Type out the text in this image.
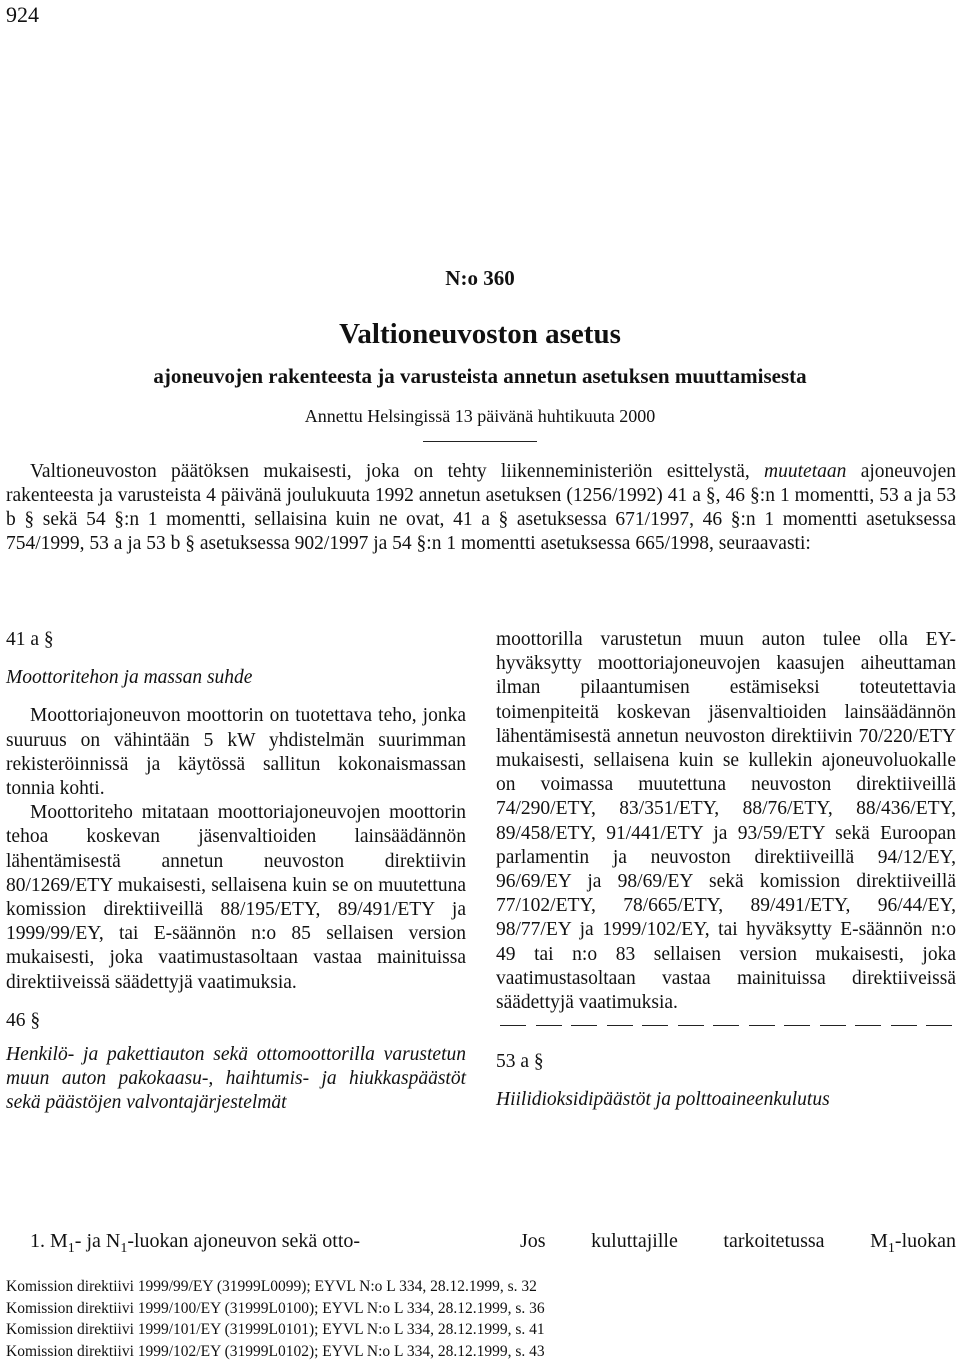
924
N:o 360
Valtioneuvoston asetus
ajoneuvojen rakenteesta ja varusteista annetun asetuksen muuttamisesta
Annettu Helsingissä 13 päivänä huhtikuuta 2000

Valtioneuvoston päätöksen mukaisesti, joka on tehty liikenneministeriön esittelystä, muutetaan ajoneuvojen rakenteesta ja varusteista 4 päivänä joulukuuta 1992 annetun asetuksen (1256/1992) 41 a §, 46 §:n 1 momentti, 53 a ja 53 b § sekä 54 §:n 1 momentti, sellaisina kuin ne ovat, 41 a § asetuksessa 671/1997, 46 §:n 1 momentti asetuksessa 754/1999, 53 a ja 53 b § asetuksessa 902/1997 ja 54 §:n 1 momentti asetuksessa 665/1998, seuraavasti:

41 a §

Moottoritehon ja massan suhde

Moottoriajoneuvon moottorin on tuotettava teho, jonka suuruus on vähintään 5 kW yhdistelmän suurimman rekisteröinnissä ja käytössä sallitun kokonaismassan tonnia kohti.

Moottoriteho mitataan moottoriajoneuvojen moottorin tehoa koskevan jäsenvaltioiden lainsäädännön lähentämisestä annetun neuvoston direktiivin 80/1269/ETY mukaisesti, sellaisena kuin se on muutettuna komission direktiiveillä 88/195/ETY, 89/491/ETY ja 1999/99/EY, tai E-säännön n:o 85 sellaisen version mukaisesti, joka vaatimustasoltaan vastaa mainituissa direktiiveissä säädettyjä vaatimuksia.

46 §

Henkilö- ja pakettiauton sekä ottomoottorilla varustetun muun auton pakokaasu-, haihtumis- ja hiukkaspäästöt sekä päästöjen valvontajärjestelmät

1. $M_1-$ ja $N_1$-luokan ajoneuvon sekä otto-

moottorilla varustetun muun auton tulee olla EY-hyväksytty moottoriajoneuvojen kaasujen aiheuttaman ilman pilaantumisen estämiseksi toteutettavia toimenpiteitä koskevan jäsenvaltioiden lainsäädännön lähentämisestä annetun neuvoston direktiivin 70/220/ETY mukaisesti, sellaisena kuin se kullekin ajoneuvoluokalle on voimassa muutettuna neuvoston direktiiveillä 74/290/ETY, 83/351/ETY, 88/76/ETY, 88/436/ETY, 89/458/ETY, 91/441/ETY ja 93/59/ETY sekä Euroopan parlamentin ja neuvoston direktiiveillä 94/12/EY, 96/69/EY ja 98/69/EY sekä komission direktiiveillä 77/102/ETY, 78/665/ETY, 89/491/ETY, 96/44/EY, 98/77/EY ja 1999/102/EY, tai hyväksytty E-säännön n:o 49 tai n:o 83 sellaisen version mukaisesti, joka vaatimustasoltaan vastaa mainituissa direktiiveissä säädettyjä vaatimuksia.

53 a §

Hiilidioksidipäästöt ja polttoaineenkulutus

Jos kuluttajille tarkoitetussa $M_1$-luokan
Komission direktiivi 1999/99/EY (31999L0099); EYVL N:o L 334, 28.12.1999, s. 32
Komission direktiivi 1999/100/EY (31999L0100); EYVL N:o L 334, 28.12.1999, s. 36
Komission direktiivi 1999/101/EY (31999L0101); EYVL N:o L 334, 28.12.1999, s. 41
Komission direktiivi 1999/102/EY (31999L0102); EYVL N:o L 334, 28.12.1999, s. 43
